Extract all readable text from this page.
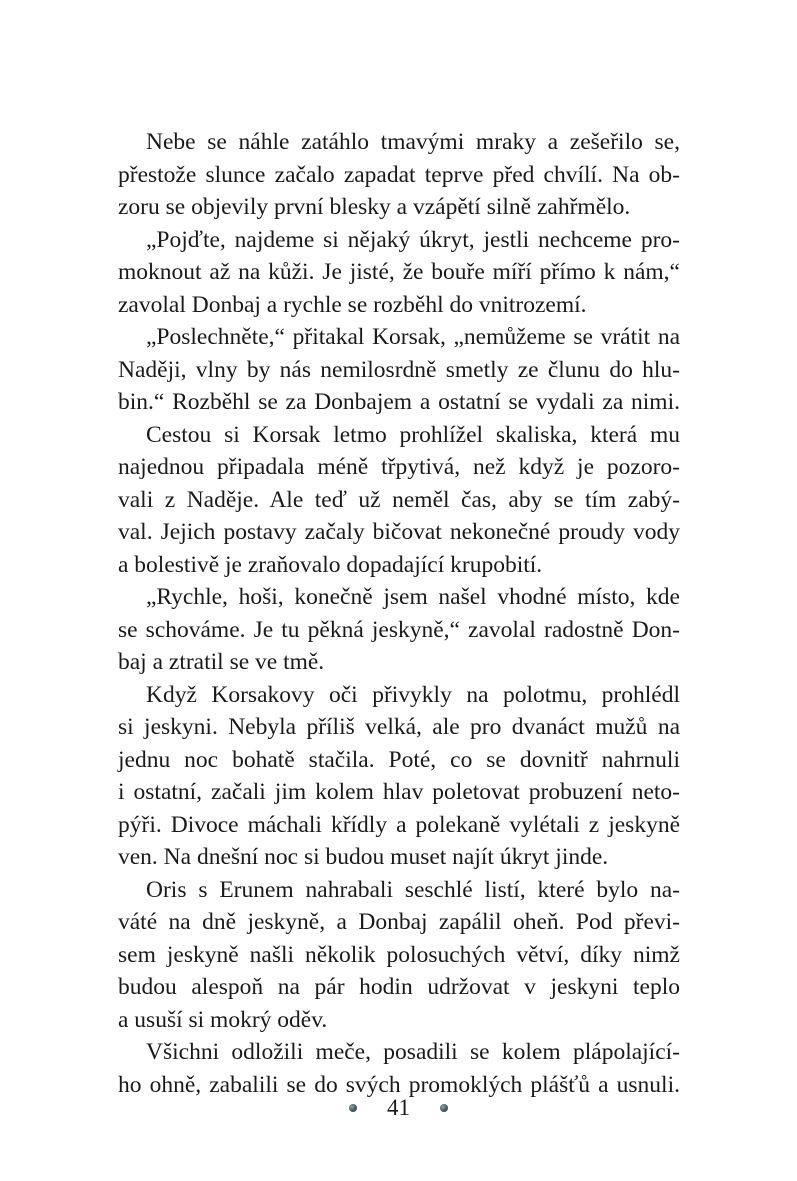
Nebe se náhle zatáhlo tmavými mraky a zešeřilo se,
přestože slunce začalo zapadat teprve před chvílí. Na ob-
zoru se objevily první blesky a vzápětí silně zahřmělo.
„Pojďte, najdeme si nějaký úkryt, jestli nechceme pro-
moknout až na kůži. Je jisté, že bouře míří přímo k nám,“
zavolal Donbaj a rychle se rozběhl do vnitrozemí.
„Poslechněte,“ přitakal Korsak, „nemůžeme se vrátit na
Naději, vlny by nás nemilosrdně smetly ze člunu do hlu-
bin.“ Rozběhl se za Donbajem a ostatní se vydali za nimi.
Cestou si Korsak letmo prohlížel skaliska, která mu
najednou připadala méně třpytivá, než když je pozoro-
vali z Naděje. Ale teď už neměl čas, aby se tím zabý-
val. Jejich postavy začaly bičovat nekonečné proudy vody
a bolestivě je zraňovalo dopadající krupobití.
„Rychle, hoši, konečně jsem našel vhodné místo, kde
se schováme. Je tu pěkná jeskyně,“ zavolal radostně Don-
baj a ztratil se ve tmě.
Když Korsakovy oči přivykly na polotmu, prohlédl
si jeskyni. Nebyla příliš velká, ale pro dvanáct mužů na
jednu noc bohatě stačila. Poté, co se dovnitř nahrnuli
i ostatní, začali jim kolem hlav poletovat probuzení neto-
pýři. Divoce máchali křídly a polekaně vylétali z jeskyně
ven. Na dnešní noc si budou muset najít úkryt jinde.
Oris s Erunem nahrabali seschlé listí, které bylo na-
váté na dně jeskyně, a Donbaj zapálil oheň. Pod převi-
sem jeskyně našli několik polosuchých větví, díky nimž
budou alespoň na pár hodin udržovat v jeskyni teplo
a usuší si mokrý oděv.
Všichni odložili meče, posadili se kolem plápolající-
ho ohně, zabalili se do svých promoklých plášťů a usnuli.
41
